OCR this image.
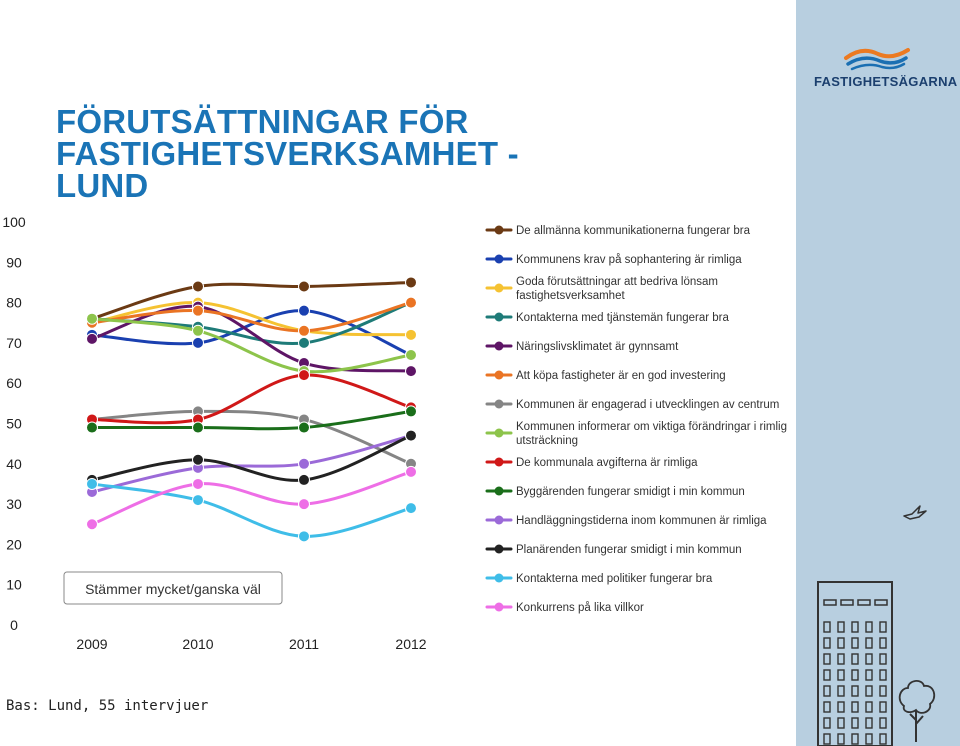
FASTIGHETSÄGARNA
FÖRUTSÄTTNINGAR FÖR
FASTIGHETSVERKSAMHET -
LUND
0
10
20
30
40
50
60
70
80
90
100
2009	2010	2011	2012
Stämmer mycket/ganska väl
De allmänna kommunikationerna fungerar bra
Kommunens krav på sophantering är rimliga
Goda förutsättningar att bedriva lönsam fastighetsverksamhet
Kontakterna med tjänstemän fungerar bra
Näringslivsklimatet är gynnsamt
Att köpa fastigheter är en god investering
Kommunen är engagerad i utvecklingen av centrum
Kommunen informerar om viktiga förändringar i rimlig utsträckning
De kommunala avgifterna är rimliga
Byggärenden fungerar smidigt i min kommun
Handläggningstiderna inom kommunen är rimliga
Planärenden fungerar smidigt i min kommun
Kontakterna med politiker fungerar bra
Konkurrens på lika villkor
Bas: Lund, 55 intervjuer
